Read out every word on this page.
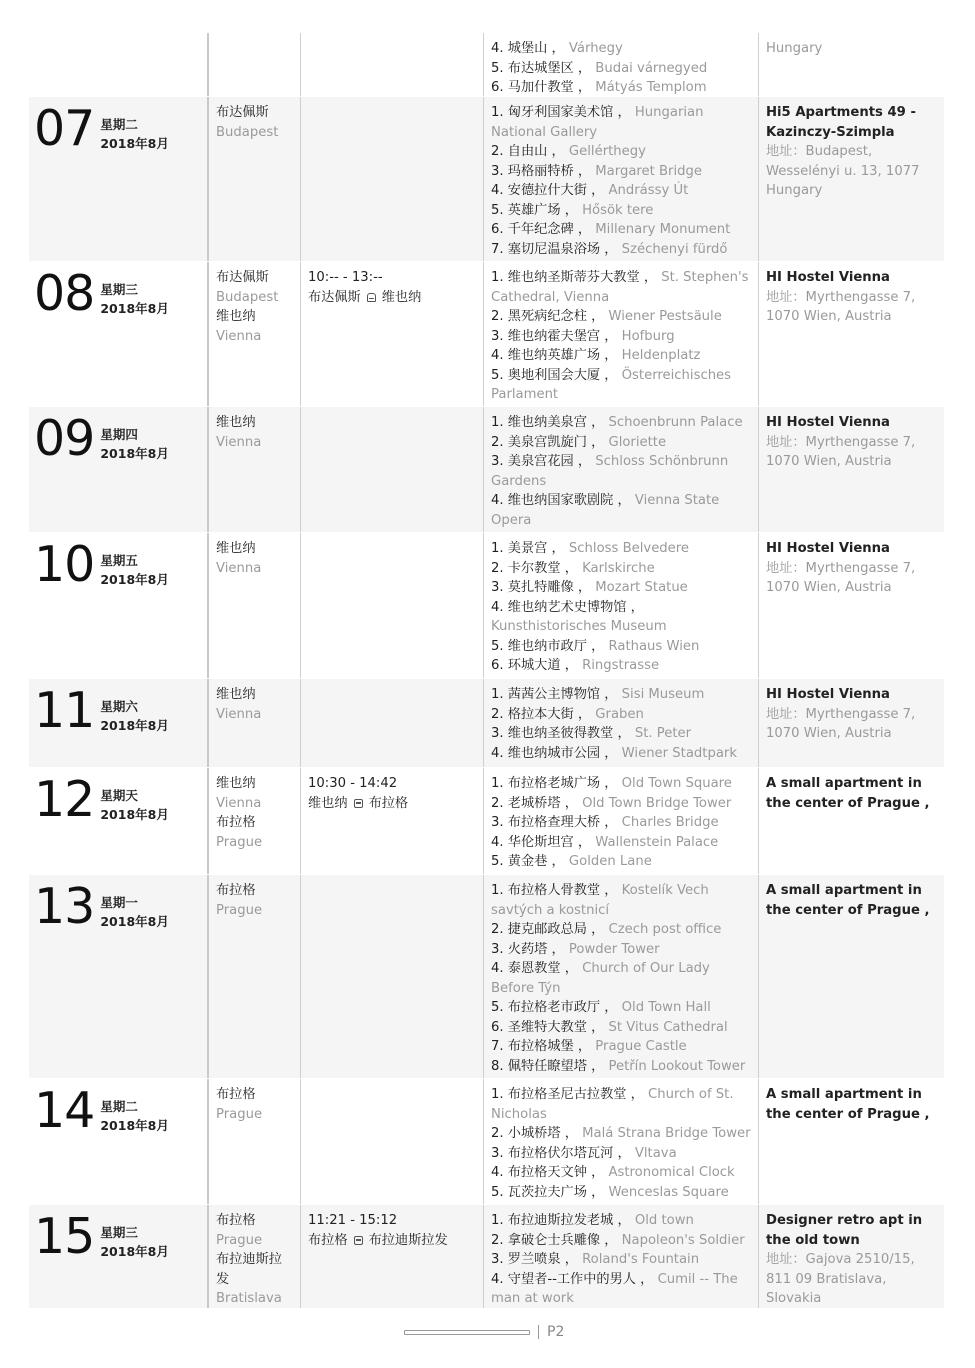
4. 城堡山 ， Várhegy
5. 布达城堡区 ， Budai várnegyed
6. 马加什教堂 ， Mátyás Templom
Hungary
07 星期二
2018年8月
布达佩斯
Budapest
1. 匈牙利国家美术馆 ， Hungarian National Gallery
2. 自由山 ， Gellérthegy
3. 玛格丽特桥 ， Margaret Bridge
4. 安德拉什大街 ， Andrássy Út
5. 英雄广场 ， Hősök tere
6. 千年纪念碑 ， Millenary Monument
7. 塞切尼温泉浴场 ， Széchenyi fürdő
Hi5 Apartments 49 - Kazinczy-Szimpla
地址：Budapest, Wesselényi u. 13, 1077
Hungary
08 星期三
2018年8月
布达佩斯
Budapest
维也纳
Vienna
10:-- - 13:--
布达佩斯 维也纳
1. 维也纳圣斯蒂芬大教堂 ， St. Stephen's Cathedral, Vienna
2. 黑死病纪念柱 ， Wiener Pestsäule
3. 维也纳霍夫堡宫 ， Hofburg
4. 维也纳英雄广场 ， Heldenplatz
5. 奥地利国会大厦 ， Österreichisches Parlament
HI Hostel Vienna
地址：Myrthengasse 7, 1070 Wien, Austria
09 星期四
2018年8月
维也纳
Vienna
1. 维也纳美泉宫 ， Schoenbrunn Palace
2. 美泉宫凯旋门 ， Gloriette
3. 美泉宫花园 ， Schloss Schönbrunn Gardens
4. 维也纳国家歌剧院 ， Vienna State Opera
HI Hostel Vienna
地址：Myrthengasse 7, 1070 Wien, Austria
10 星期五
2018年8月
维也纳
Vienna
1. 美景宫 ， Schloss Belvedere
2. 卡尔教堂 ， Karlskirche
3. 莫扎特雕像 ， Mozart Statue
4. 维也纳艺术史博物馆 ， Kunsthistorisches Museum
5. 维也纳市政厅 ， Rathaus Wien
6. 环城大道 ， Ringstrasse
HI Hostel Vienna
地址：Myrthengasse 7, 1070 Wien, Austria
11 星期六
2018年8月
维也纳
Vienna
1. 茜茜公主博物馆 ， Sisi Museum
2. 格拉本大街 ， Graben
3. 维也纳圣彼得教堂 ， St. Peter
4. 维也纳城市公园 ， Wiener Stadtpark
HI Hostel Vienna
地址：Myrthengasse 7, 1070 Wien, Austria
12 星期天
2018年8月
维也纳
Vienna
布拉格
Prague
10:30 - 14:42
维也纳 布拉格
1. 布拉格老城广场 ， Old Town Square
2. 老城桥塔 ， Old Town Bridge Tower
3. 布拉格查理大桥 ， Charles Bridge
4. 华伦斯坦宫 ， Wallenstein Palace
5. 黄金巷 ， Golden Lane
A small apartment in the center of Prague ,
13 星期一
2018年8月
布拉格
Prague
1. 布拉格人骨教堂 ， Kostelík Vech savtých a kostnicí
2. 捷克邮政总局 ， Czech post office
3. 火药塔 ， Powder Tower
4. 泰恩教堂 ， Church of Our Lady Before Týn
5. 布拉格老市政厅 ， Old Town Hall
6. 圣维特大教堂 ， St Vitus Cathedral
7. 布拉格城堡 ， Prague Castle
8. 佩特任瞭望塔 ， Petřín Lookout Tower
A small apartment in the center of Prague ,
14 星期二
2018年8月
布拉格
Prague
1. 布拉格圣尼古拉教堂 ， Church of St. Nicholas
2. 小城桥塔 ， Malá Strana Bridge Tower
3. 布拉格伏尔塔瓦河 ， Vltava
4. 布拉格天文钟 ， Astronomical Clock
5. 瓦茨拉夫广场 ， Wenceslas Square
A small apartment in the center of Prague ,
15 星期三
2018年8月
布拉格
Prague
布拉迪斯拉发
Bratislava
11:21 - 15:12
布拉格 布拉迪斯拉发
1. 布拉迪斯拉发老城 ， Old town
2. 拿破仑士兵雕像 ， Napoleon's Soldier
3. 罗兰喷泉 ， Roland's Fountain
4. 守望者--工作中的男人 ， Cumil -- The man at work
Designer retro apt in the old town
地址：Gajova 2510/15, 811 09 Bratislava, Slovakia
P2
